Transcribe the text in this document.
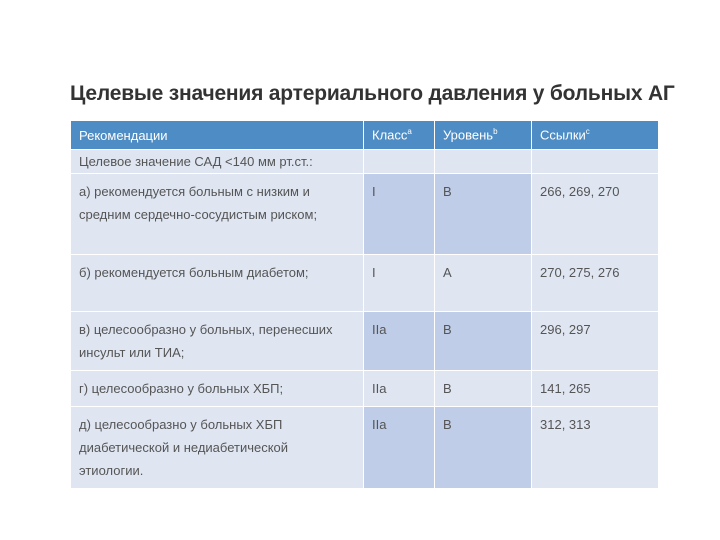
Целевые значения артериального давления у больных АГ
Рекомендации	Класс$^a$	Уровень$^b$	Ссылки$^c$
Целевое значение САД <140 мм рт.ст.:			
а) рекомендуется больным с низким и средним сердечно-сосудистым риском;	I	B	266, 269, 270
б) рекомендуется больным диабетом;	I	A	270, 275, 276
в) целесообразно у больных, перенесших инсульт или ТИА;	IIa	B	296, 297
г) целесообразно у больных ХБП;	IIa	B	141, 265
д) целесообразно у больных ХБП диабетической и недиабетической этиологии.	IIa	B	312, 313
